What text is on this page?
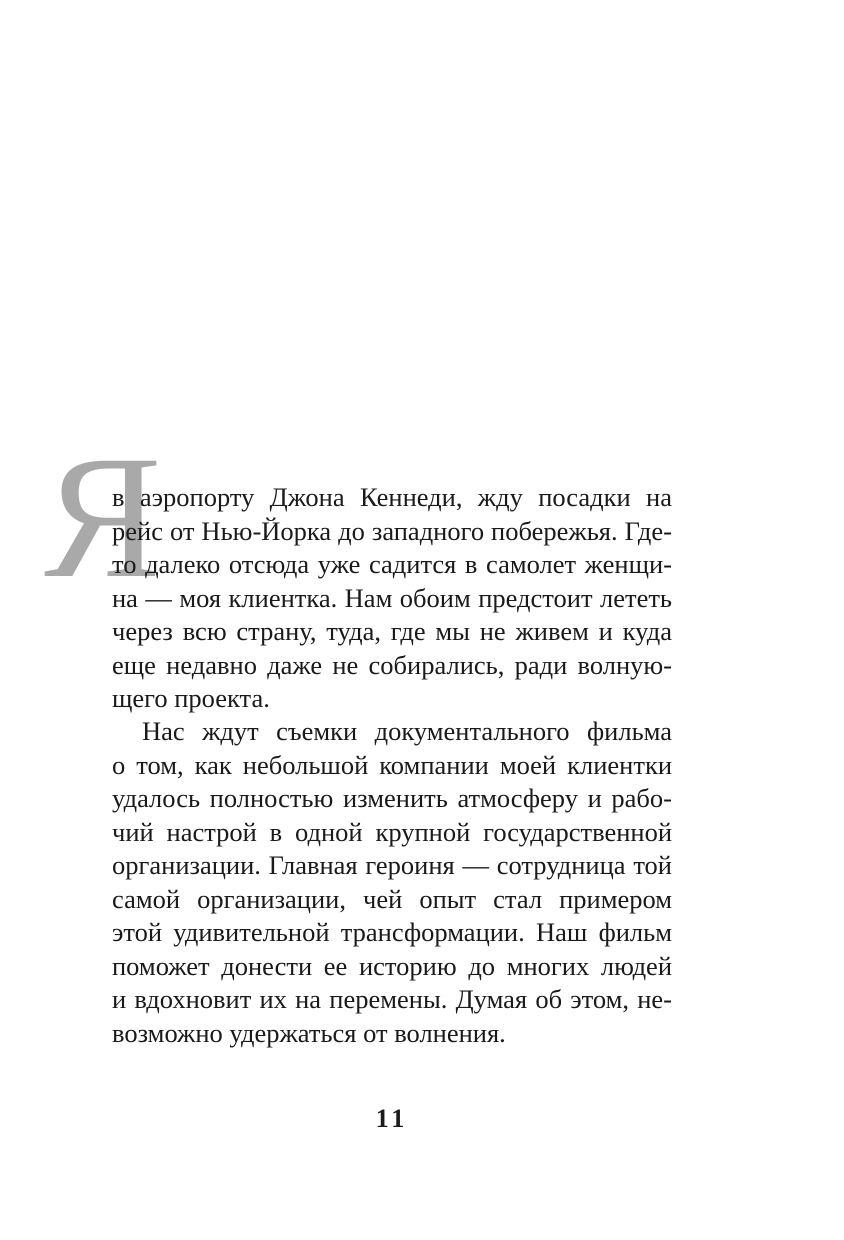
Я

в аэропорту Джона Кеннеди, жду посадки на

рейс от Нью-Йорка до западного побережья. Где-

то далеко отсюда уже садится в самолет женщи-

на — моя клиентка. Нам обоим предстоит лететь

через всю страну, туда, где мы не живем и куда

еще недавно даже не собирались, ради волную-

щего проекта.

Нас ждут съемки документального фильма

о том, как небольшой компании моей клиентки

удалось полностью изменить атмосферу и рабо-

чий настрой в одной крупной государственной

организации. Главная героиня — сотрудница той

самой организации, чей опыт стал примером

этой удивительной трансформации. Наш фильм

поможет донести ее историю до многих людей

и вдохновит их на перемены. Думая об этом, не-

возможно удержаться от волнения.

11
